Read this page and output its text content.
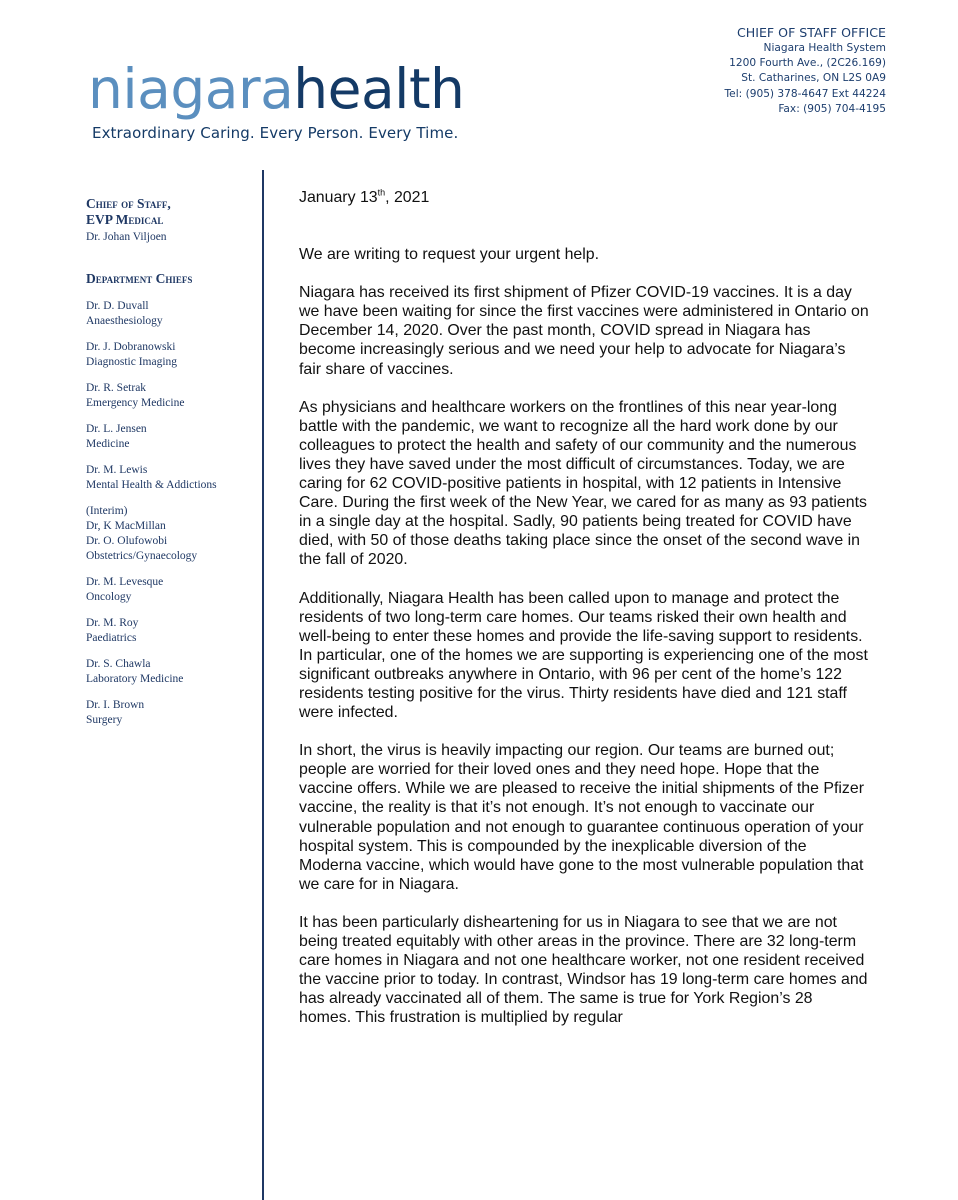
niagarahealth
Extraordinary Caring. Every Person. Every Time.
CHIEF OF STAFF OFFICE
Niagara Health System
1200 Fourth Ave., (2C26.169)
St. Catharines, ON L2S 0A9
Tel: (905) 378-4647 Ext 44224
Fax: (905) 704-4195
Chief of Staff,
EVP Medical
Dr. Johan Viljoen
Department Chiefs
Dr. D. Duvall
Anaesthesiology
Dr. J. Dobranowski
Diagnostic Imaging
Dr. R. Setrak
Emergency Medicine
Dr. L. Jensen
Medicine
Dr. M. Lewis
Mental Health & Addictions
(Interim)
Dr, K MacMillan
Dr. O. Olufowobi
Obstetrics/Gynaecology
Dr. M. Levesque
Oncology
Dr. M. Roy
Paediatrics
Dr. S. Chawla
Laboratory Medicine
Dr. I. Brown
Surgery
January 13th, 2021

We are writing to request your urgent help.

Niagara has received its first shipment of Pfizer COVID-19 vaccines. It is a day we have been waiting for since the first vaccines were administered in Ontario on December 14, 2020. Over the past month, COVID spread in Niagara has become increasingly serious and we need your help to advocate for Niagara’s fair share of vaccines.

As physicians and healthcare workers on the frontlines of this near year-long battle with the pandemic, we want to recognize all the hard work done by our colleagues to protect the health and safety of our community and the numerous lives they have saved under the most difficult of circumstances. Today, we are caring for 62 COVID-positive patients in hospital, with 12 patients in Intensive Care. During the first week of the New Year, we cared for as many as 93 patients in a single day at the hospital. Sadly, 90 patients being treated for COVID have died, with 50 of those deaths taking place since the onset of the second wave in the fall of 2020.

Additionally, Niagara Health has been called upon to manage and protect the residents of two long-term care homes. Our teams risked their own health and well-being to enter these homes and provide the life-saving support to residents. In particular, one of the homes we are supporting is experiencing one of the most significant outbreaks anywhere in Ontario, with 96 per cent of the home’s 122 residents testing positive for the virus. Thirty residents have died and 121 staff were infected.

In short, the virus is heavily impacting our region. Our teams are burned out; people are worried for their loved ones and they need hope. Hope that the vaccine offers. While we are pleased to receive the initial shipments of the Pfizer vaccine, the reality is that it’s not enough. It’s not enough to vaccinate our vulnerable population and not enough to guarantee continuous operation of your hospital system. This is compounded by the inexplicable diversion of the Moderna vaccine, which would have gone to the most vulnerable population that we care for in Niagara.

It has been particularly disheartening for us in Niagara to see that we are not being treated equitably with other areas in the province. There are 32 long-term care homes in Niagara and not one healthcare worker, not one resident received the vaccine prior to today. In contrast, Windsor has 19 long-term care homes and has already vaccinated all of them. The same is true for York Region’s 28 homes. This frustration is multiplied by regular
